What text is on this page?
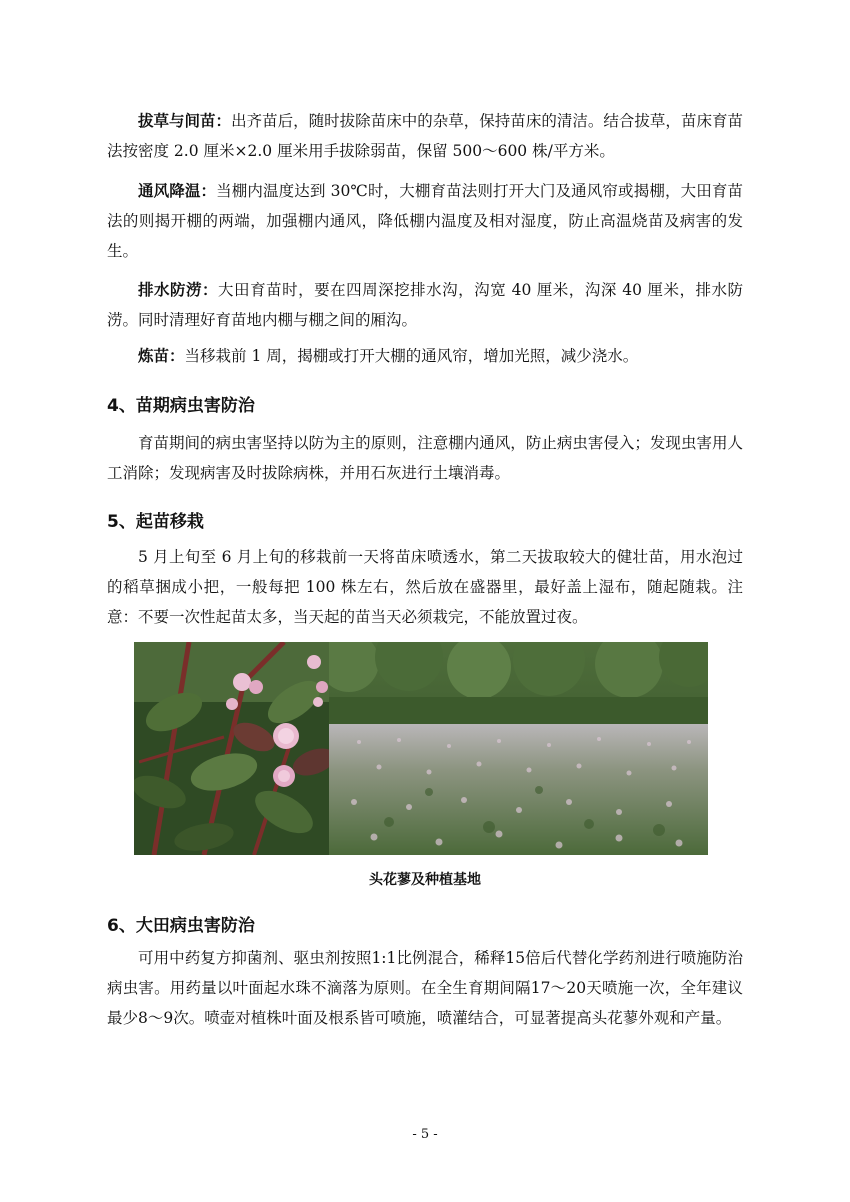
拔草与间苗：出齐苗后，随时拔除苗床中的杂草，保持苗床的清洁。结合拔草，苗床育苗法按密度 2.0 厘米×2.0 厘米用手拔除弱苗，保留 500～600 株/平方米。

通风降温：当棚内温度达到 30℃时，大棚育苗法则打开大门及通风帘或揭棚，大田育苗法的则揭开棚的两端，加强棚内通风，降低棚内温度及相对湿度，防止高温烧苗及病害的发生。

排水防涝：大田育苗时，要在四周深挖排水沟，沟宽 40 厘米，沟深 40 厘米，排水防涝。同时清理好育苗地内棚与棚之间的厢沟。

炼苗：当移栽前 1 周，揭棚或打开大棚的通风帘，增加光照，减少浇水。

4、苗期病虫害防治

育苗期间的病虫害坚持以防为主的原则，注意棚内通风，防止病虫害侵入；发现虫害用人工消除；发现病害及时拔除病株，并用石灰进行土壤消毒。

5、起苗移栽

5 月上旬至 6 月上旬的移栽前一天将苗床喷透水，第二天拔取较大的健壮苗，用水泡过的稻草捆成小把，一般每把 100 株左右，然后放在盛器里，最好盖上湿布，随起随栽。注意：不要一次性起苗太多，当天起的苗当天必须栽完，不能放置过夜。

头花蓼及种植基地

6、大田病虫害防治

可用中药复方抑菌剂、驱虫剂按照1:1比例混合，稀释15倍后代替化学药剂进行喷施防治病虫害。用药量以叶面起水珠不滴落为原则。在全生育期间隔17～20天喷施一次，全年建议最少8～9次。喷壶对植株叶面及根系皆可喷施，喷灌结合，可显著提高头花蓼外观和产量。

- 5 -
